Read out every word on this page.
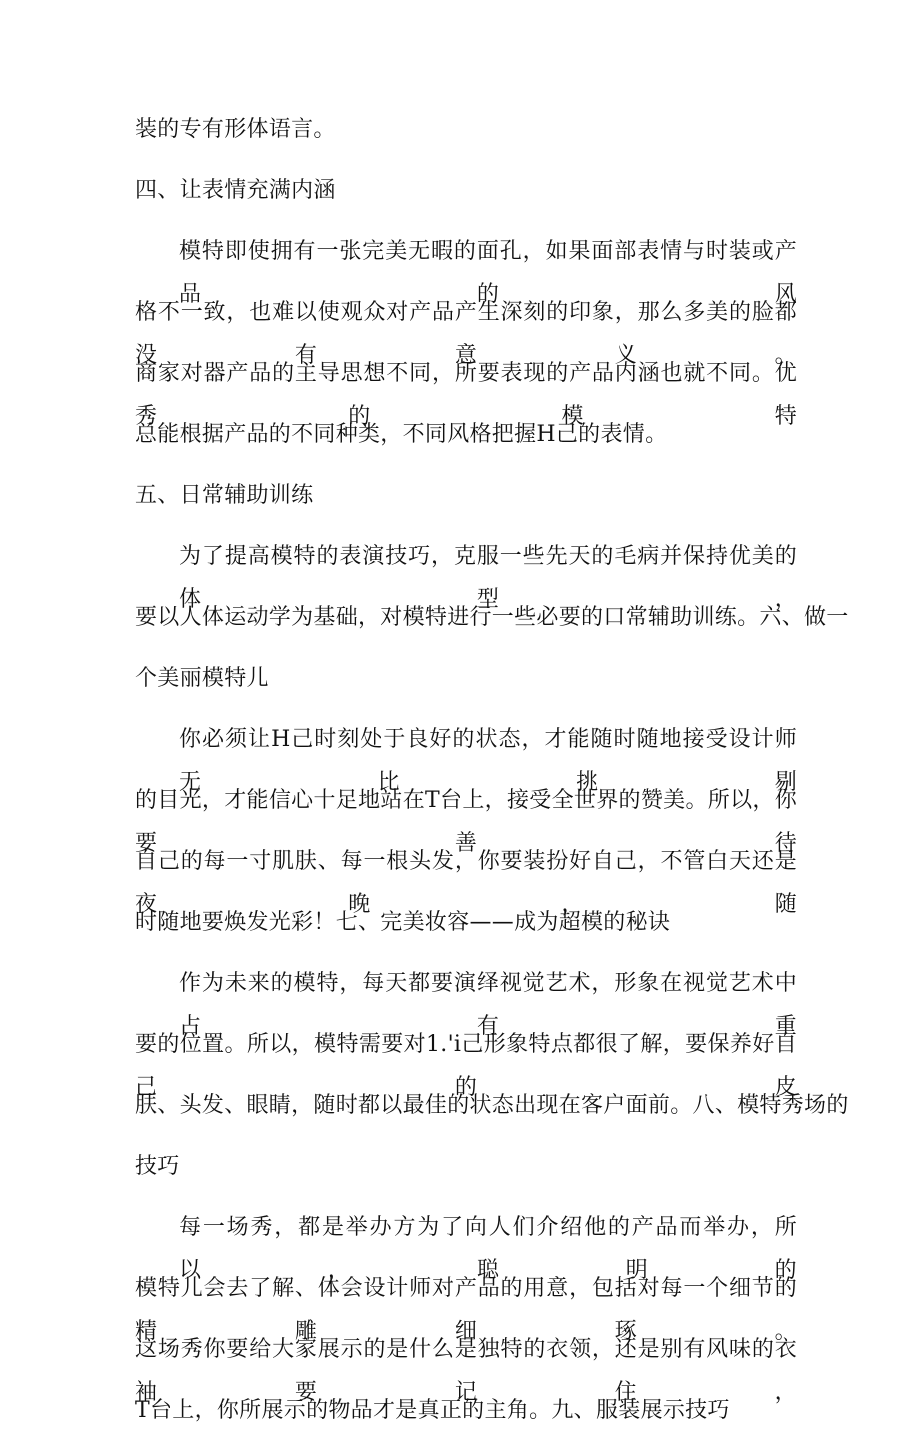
装的专有形体语言。
四、让表情充满内涵
模特即使拥有一张完美无暇的面孔，如果面部表情与时装或产品的风
格不一致，也难以使观众对产品产生深刻的印象，那么多美的脸都没有意义。
商家对器产品的主导思想不同，所要表现的产品内涵也就不同。优秀的模特
总能根据产品的不同种类，不同风格把握H己的表情。
五、日常辅助训练
为了提高模特的表演技巧，克服一些先天的毛病并保持优美的体型，
要以人体运动学为基础，对模特进行一些必要的口常辅助训练。六、做一
个美丽模特儿
你必须让H己时刻处于良好的状态，才能随时随地接受设计师无比挑剔
的目光，才能信心十足地站在T台上，接受全世界的赞美。所以，你要善待
自己的每一寸肌肤、每一根头发，你要装扮好自己，不管白天还是夜晚，随
时随地要焕发光彩！七、完美妆容——成为超模的秘诀
作为未来的模特，每天都要演绎视觉艺术，形象在视觉艺术中占有重
要的位置。所以，模特需要对1.'i己形象特点都很了解，要保养好自己的皮
肤、头发、眼睛，随时都以最佳的状态出现在客户面前。八、模特秀场的
技巧
每一场秀，都是举办方为了向人们介绍他的产品而举办，所以，聪明的
模特儿会去了解、体会设计师对产品的用意，包括对每一个细节的精雕细琢。
这场秀你要给大家展示的是什么是独特的衣领，还是别有风味的衣袖要记住，
T台上，你所展示的物品才是真正的主角。九、服装展示技巧
